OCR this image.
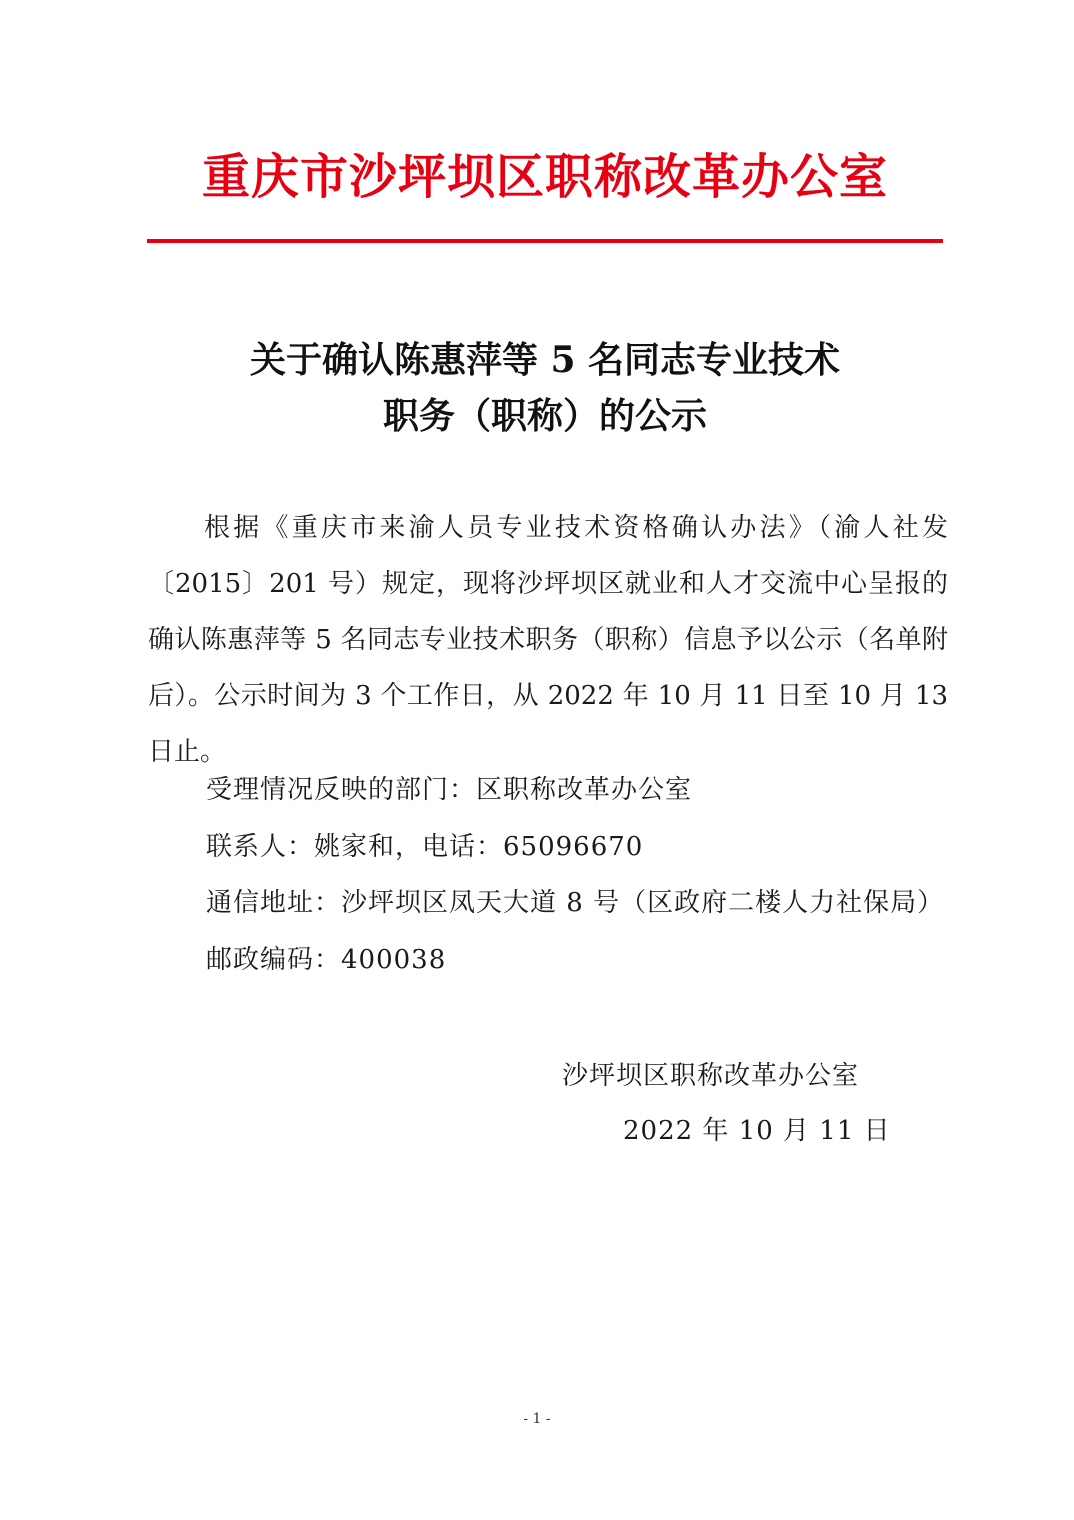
重庆市沙坪坝区职称改革办公室
关于确认陈惠萍等 5 名同志专业技术
职务（职称）的公示

根据《重庆市来渝人员专业技术资格确认办法》（渝人社发〔2015〕201 号）规定，现将沙坪坝区就业和人才交流中心呈报的确认陈惠萍等 5 名同志专业技术职务（职称）信息予以公示（名单附后）。公示时间为 3 个工作日，从 2022 年 10 月 11 日至 10 月 13 日止。

受理情况反映的部门：区职称改革办公室
联系人：姚家和，电话：65096670
通信地址：沙坪坝区凤天大道 8 号（区政府二楼人力社保局）
邮政编码：400038
沙坪坝区职称改革办公室
2022 年 10 月 11 日
- 1 -
